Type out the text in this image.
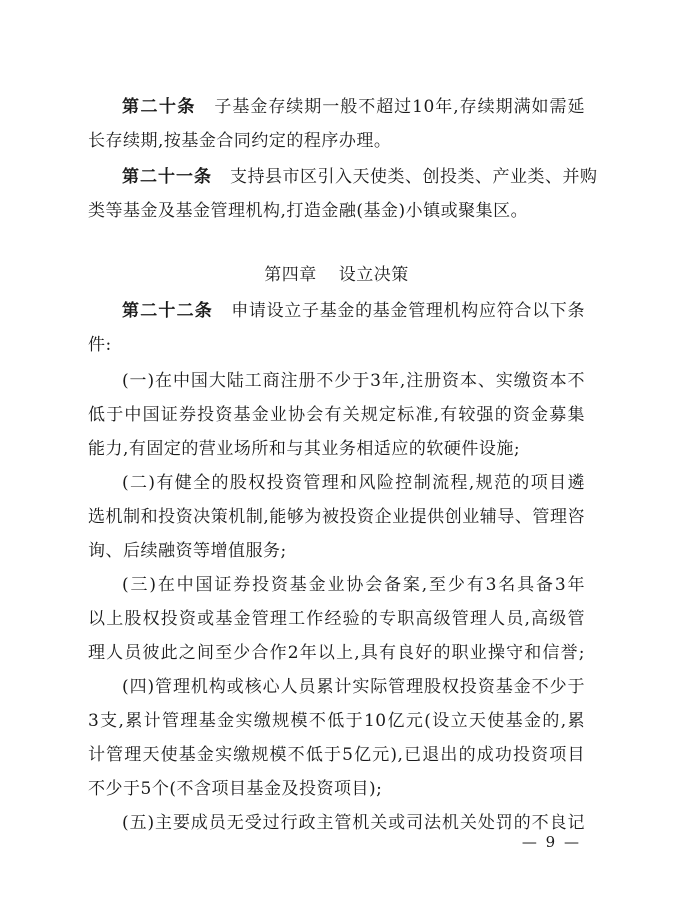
第二十条 子基金存续期一般不超过10年,存续期满如需延
长存续期,按基金合同约定的程序办理。
第二十一条 支持县市区引入天使类、创投类、产业类、并购
类等基金及基金管理机构,打造金融(基金)小镇或聚集区。
第四章 设立决策
第二十二条 申请设立子基金的基金管理机构应符合以下条
件:
(一)在中国大陆工商注册不少于3年,注册资本、实缴资本不
低于中国证券投资基金业协会有关规定标准,有较强的资金募集
能力,有固定的营业场所和与其业务相适应的软硬件设施;
(二)有健全的股权投资管理和风险控制流程,规范的项目遴
选机制和投资决策机制,能够为被投资企业提供创业辅导、管理咨
询、后续融资等增值服务;
(三)在中国证券投资基金业协会备案,至少有3名具备3年
以上股权投资或基金管理工作经验的专职高级管理人员,高级管
理人员彼此之间至少合作2年以上,具有良好的职业操守和信誉;
(四)管理机构或核心人员累计实际管理股权投资基金不少于
3支,累计管理基金实缴规模不低于10亿元(设立天使基金的,累
计管理天使基金实缴规模不低于5亿元),已退出的成功投资项目
不少于5个(不含项目基金及投资项目);
(五)主要成员无受过行政主管机关或司法机关处罚的不良记
— 9 —
